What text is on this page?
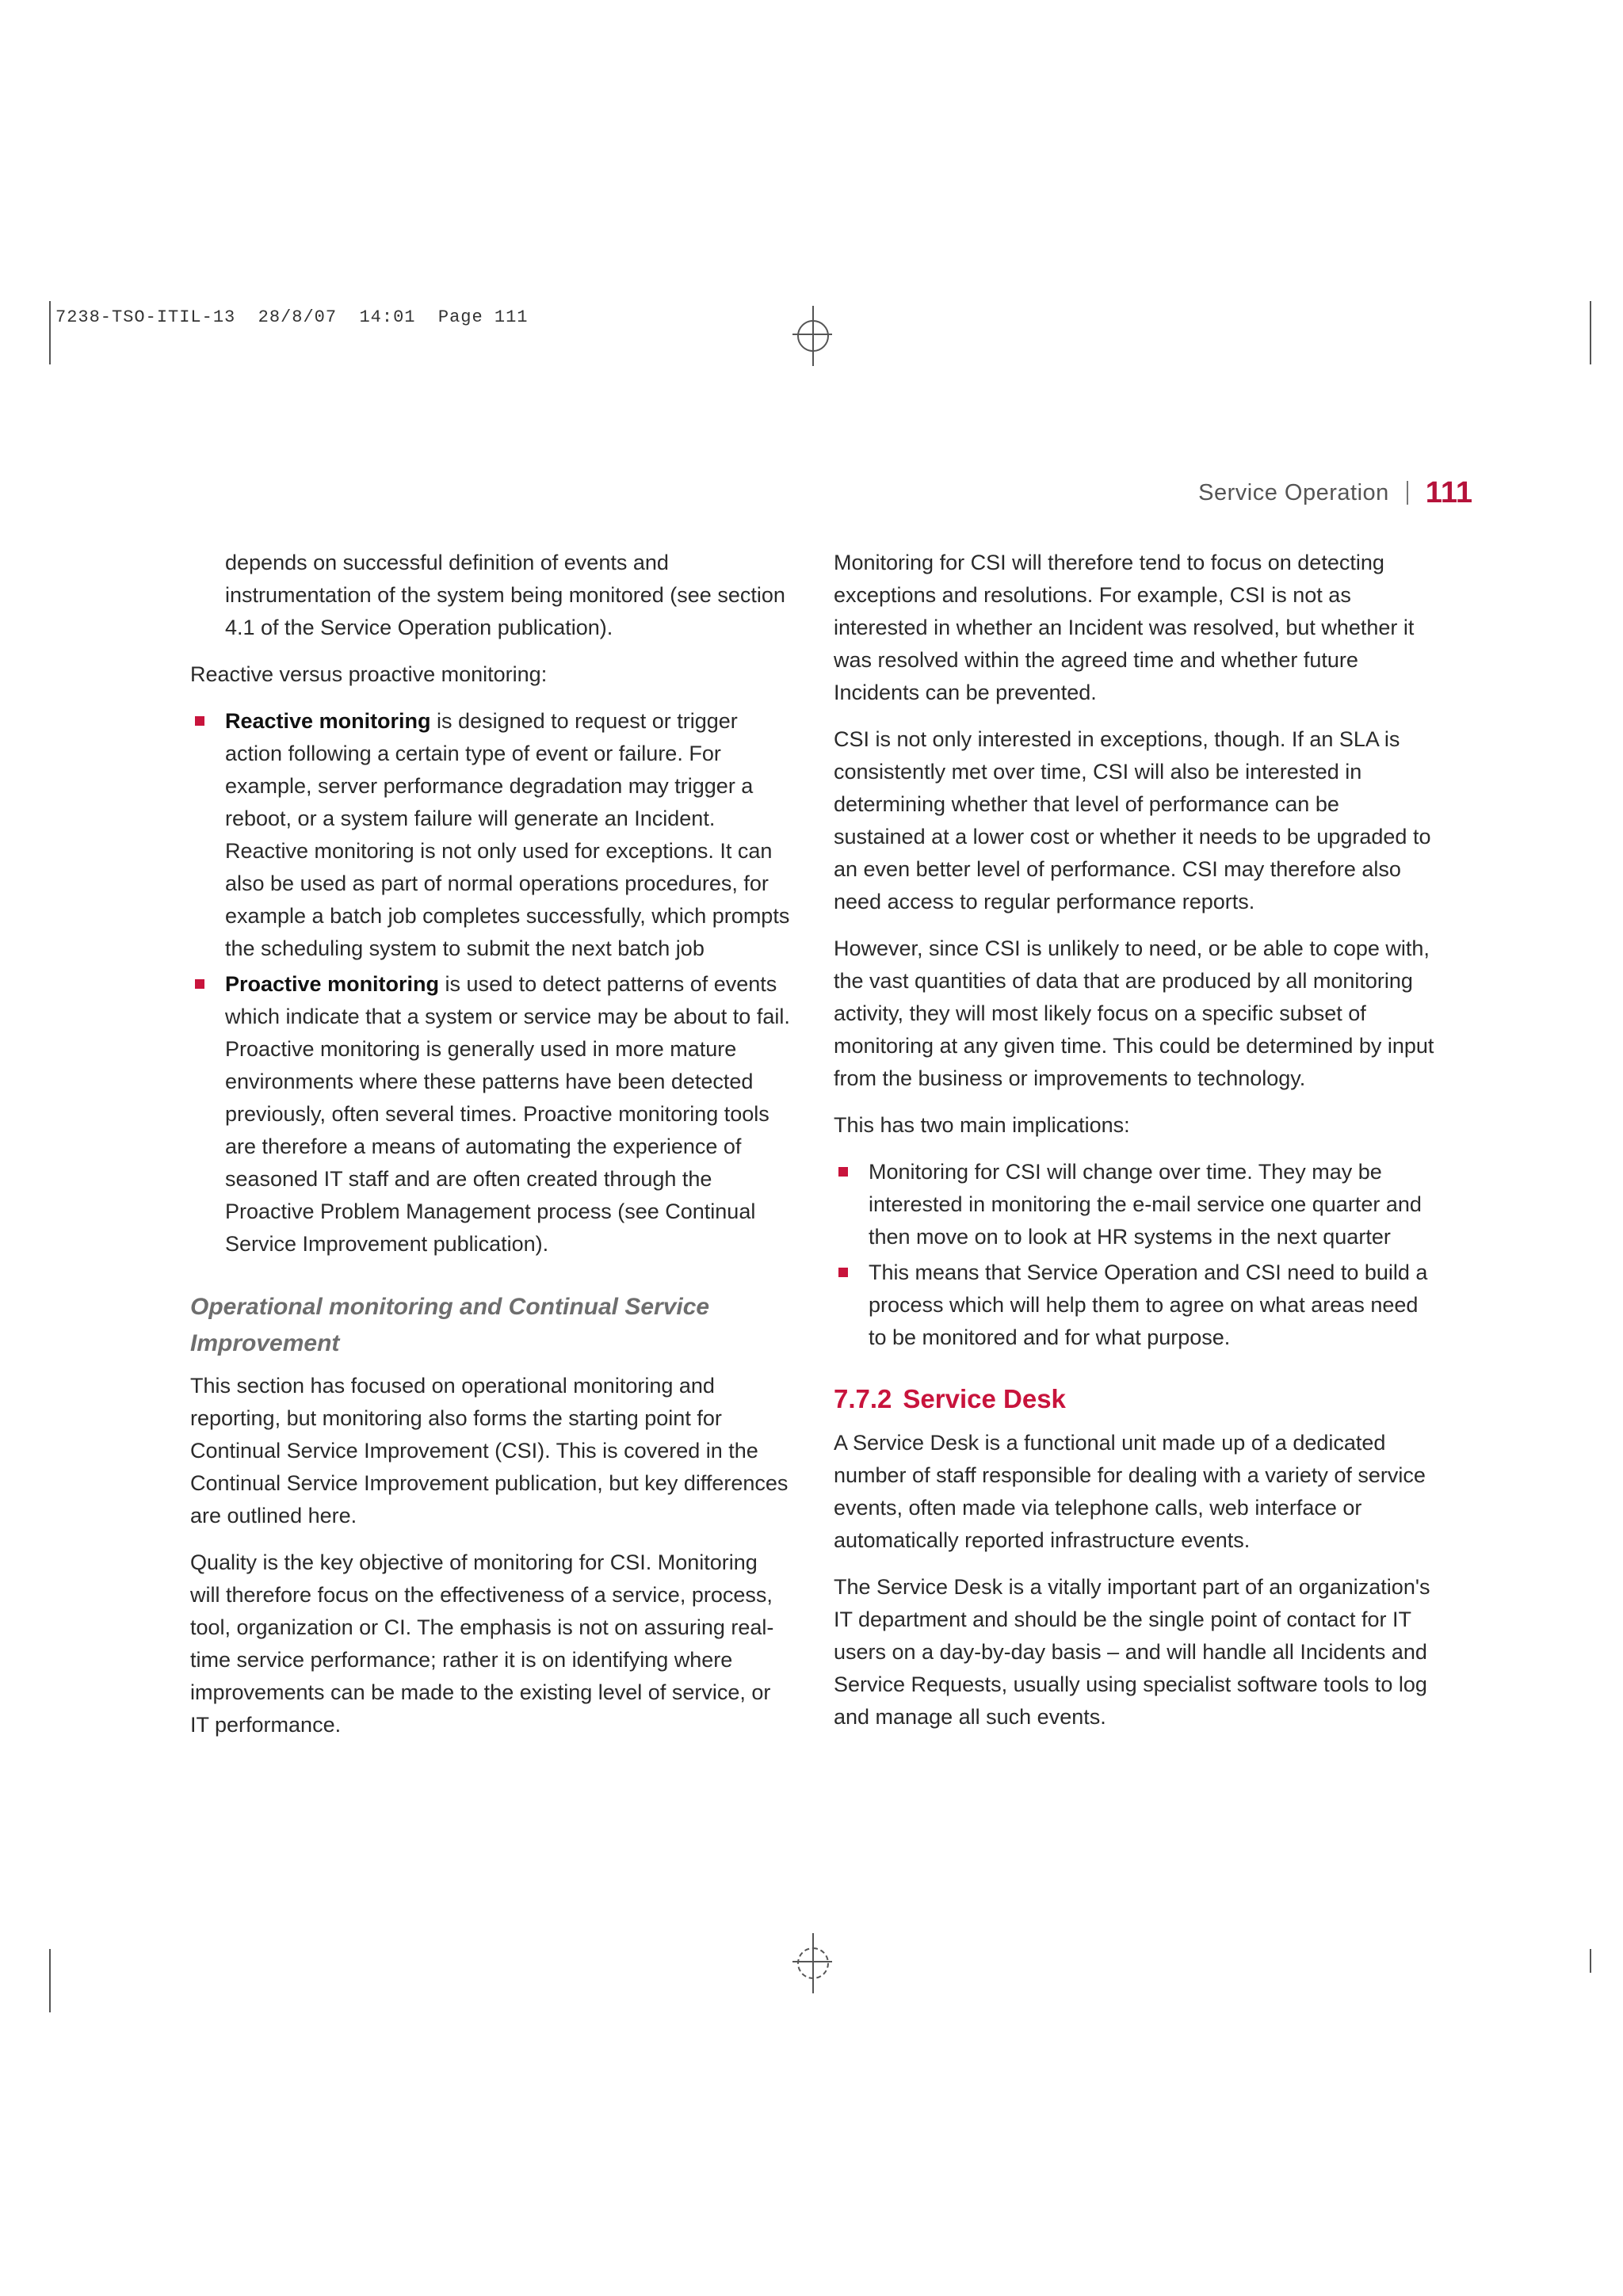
7238-TSO-ITIL-13  28/8/07  14:01  Page 111
Service Operation 111

depends on successful definition of events and instrumentation of the system being monitored (see section 4.1 of the Service Operation publication).

Reactive versus proactive monitoring:

Reactive monitoring is designed to request or trigger action following a certain type of event or failure. For example, server performance degradation may trigger a reboot, or a system failure will generate an Incident. Reactive monitoring is not only used for exceptions. It can also be used as part of normal operations procedures, for example a batch job completes successfully, which prompts the scheduling system to submit the next batch job
Proactive monitoring is used to detect patterns of events which indicate that a system or service may be about to fail. Proactive monitoring is generally used in more mature environments where these patterns have been detected previously, often several times. Proactive monitoring tools are therefore a means of automating the experience of seasoned IT staff and are often created through the Proactive Problem Management process (see Continual Service Improvement publication).
Operational monitoring and Continual Service Improvement

This section has focused on operational monitoring and reporting, but monitoring also forms the starting point for Continual Service Improvement (CSI). This is covered in the Continual Service Improvement publication, but key differences are outlined here.

Quality is the key objective of monitoring for CSI. Monitoring will therefore focus on the effectiveness of a service, process, tool, organization or CI. The emphasis is not on assuring real-time service performance; rather it is on identifying where improvements can be made to the existing level of service, or IT performance.

Monitoring for CSI will therefore tend to focus on detecting exceptions and resolutions. For example, CSI is not as interested in whether an Incident was resolved, but whether it was resolved within the agreed time and whether future Incidents can be prevented.

CSI is not only interested in exceptions, though. If an SLA is consistently met over time, CSI will also be interested in determining whether that level of performance can be sustained at a lower cost or whether it needs to be upgraded to an even better level of performance. CSI may therefore also need access to regular performance reports.

However, since CSI is unlikely to need, or be able to cope with, the vast quantities of data that are produced by all monitoring activity, they will most likely focus on a specific subset of monitoring at any given time. This could be determined by input from the business or improvements to technology.

This has two main implications:

Monitoring for CSI will change over time. They may be interested in monitoring the e-mail service one quarter and then move on to look at HR systems in the next quarter
This means that Service Operation and CSI need to build a process which will help them to agree on what areas need to be monitored and for what purpose.
7.7.2 Service Desk

A Service Desk is a functional unit made up of a dedicated number of staff responsible for dealing with a variety of service events, often made via telephone calls, web interface or automatically reported infrastructure events.

The Service Desk is a vitally important part of an organization's IT department and should be the single point of contact for IT users on a day-by-day basis – and will handle all Incidents and Service Requests, usually using specialist software tools to log and manage all such events.
